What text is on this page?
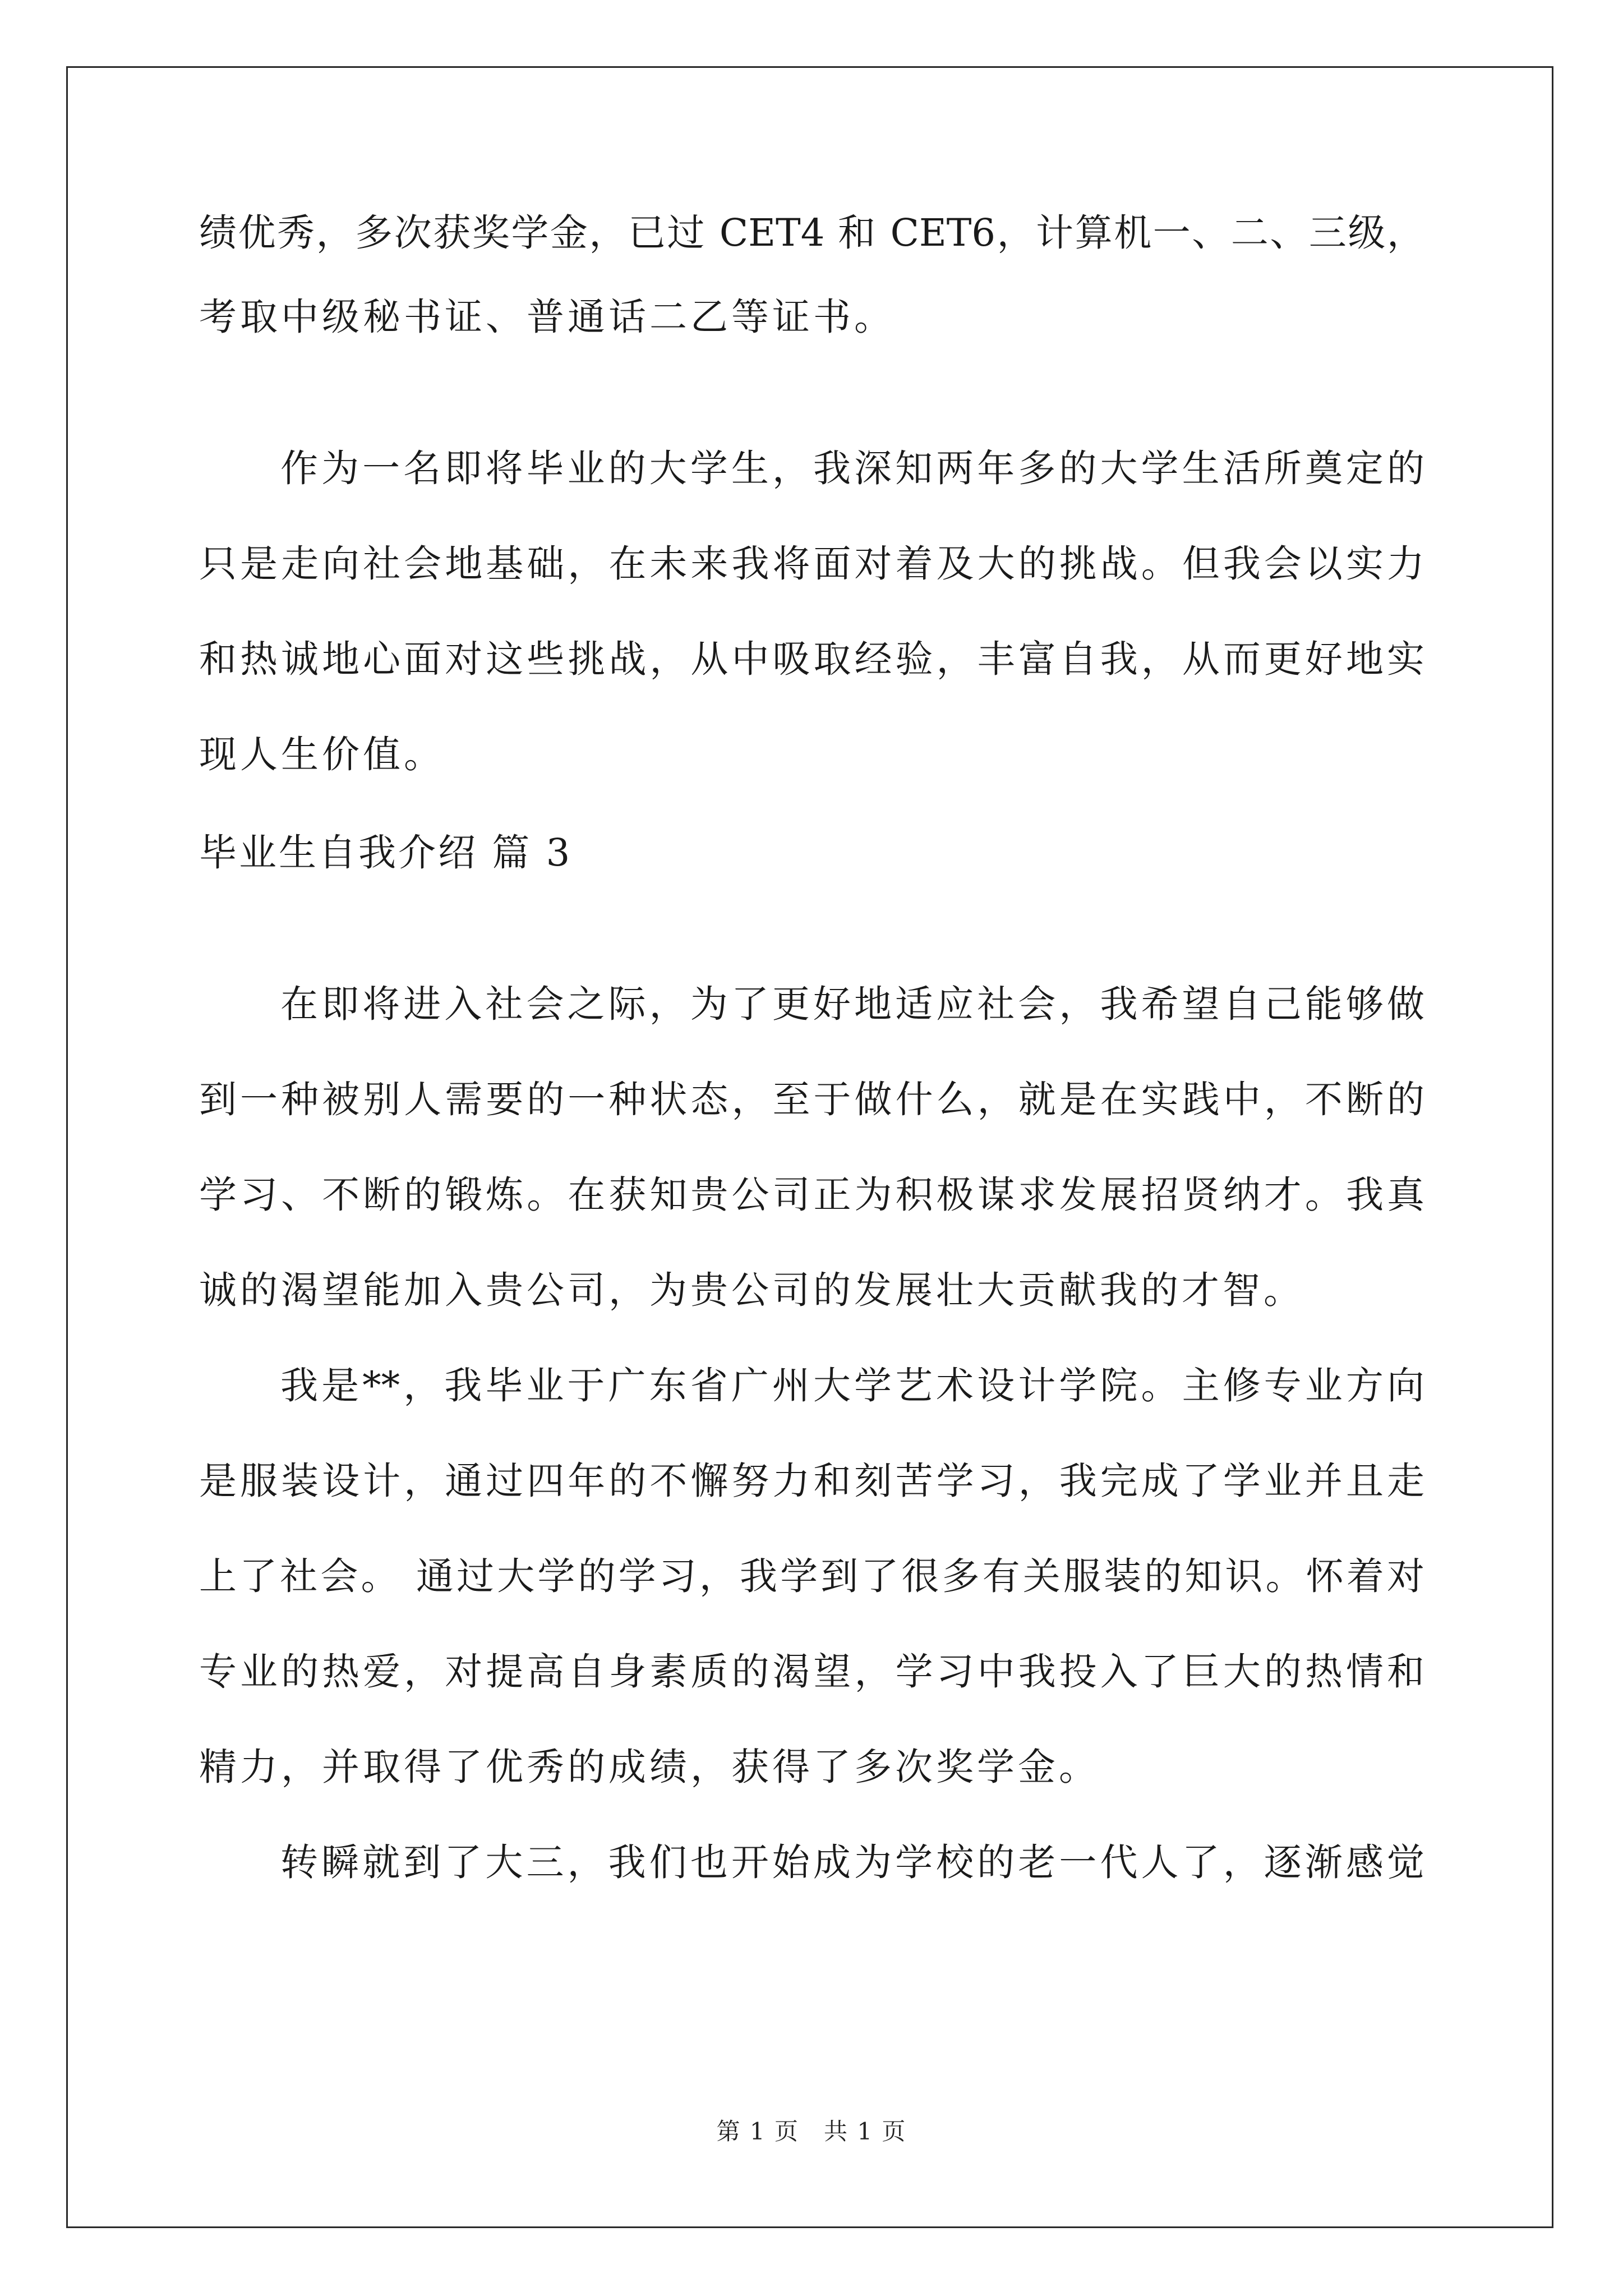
绩优秀，多次获奖学金，已过 CET4 和 CET6，计算机一、二、三级，
考取中级秘书证、普通话二乙等证书。
作为一名即将毕业的大学生，我深知两年多的大学生活所奠定的
只是走向社会地基础，在未来我将面对着及大的挑战。但我会以实力
和热诚地心面对这些挑战，从中吸取经验，丰富自我，从而更好地实
现人生价值。
毕业生自我介绍 篇 3
在即将进入社会之际，为了更好地适应社会，我希望自己能够做
到一种被别人需要的一种状态，至于做什么，就是在实践中，不断的
学习、不断的锻炼。在获知贵公司正为积极谋求发展招贤纳才。我真
诚的渴望能加入贵公司，为贵公司的发展壮大贡献我的才智。
我是**，我毕业于广东省广州大学艺术设计学院。主修专业方向
是服装设计，通过四年的不懈努力和刻苦学习，我完成了学业并且走
上了社会。 通过大学的学习，我学到了很多有关服装的知识。怀着对
专业的热爱，对提高自身素质的渴望，学习中我投入了巨大的热情和
精力，并取得了优秀的成绩，获得了多次奖学金。
转瞬就到了大三，我们也开始成为学校的老一代人了，逐渐感觉
第 1 页　共 1 页
